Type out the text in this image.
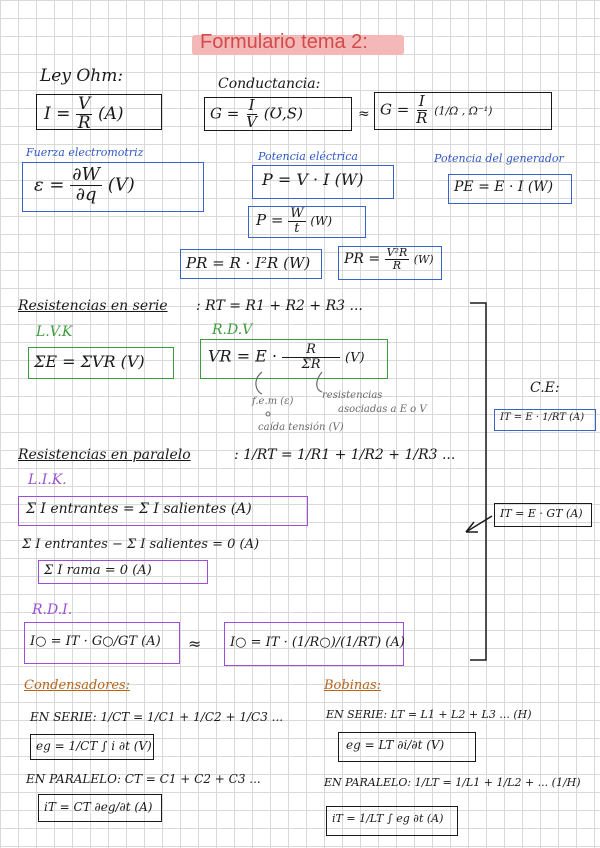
Formulario tema 2:
Ley Ohm:
$I = \frac{V}{R} (A)$
Conductancia:
$G = \frac{I}{V}$ (Ʊ,S)	≈ $G = \frac{I}{R} (1/\Omega$ , Ω⁻¹)
Fuerza electromotriz
$\varepsilon = \frac{\partial W}{\partial q} (V)$
Potencia eléctrica
P = V · I (W)
$P = \frac{W}{t} (W)$
PR = R · I²R (W) PR = $\frac{\text{V²R}}{R} (W)$
Potencia del generador
PE = E · I (W)
Resistencias en serie : RT = R1 + R2 + R3 ...
L.V.K
ΣE = ΣVR (V)
R.D.V
VR = $E \cdot \frac{R}{\Sigma R} (V)$
f.e.m (ε)
caída tensión (V)
resistencias
asociadas a E o V
C.E:
IT = E · 1/RT (A)
IT = E · GT (A)
Resistencias en paralelo	: 1/RT = 1/R1 + 1/R2 + 1/R3 ...
L.I.K.
Σ I entrantes = Σ I salientes (A)
Σ I entrantes − Σ I salientes = 0 (A)
Σ I rama = 0 (A)
R.D.I.
I○ = IT · G○/GT (A) ≈ I○ = IT · (1/R○)/(1/RT) (A)
Condensadores:
EN SERIE: 1/CT = 1/C1 + 1/C2 + 1/C3 ...
eg = 1/CT ∫ i ∂t (V)
EN PARALELO: CT = C1 + C2 + C3 ...
iT = CT ∂eg/∂t (A)
Bobinas:
EN SERIE: LT = L1 + L2 + L3 ... (H)
eg = LT ∂i/∂t (V)
EN PARALELO: 1/LT = 1/L1 + 1/L2 + ... (1/H)
iT = 1/LT ∫ eg ∂t (A)
